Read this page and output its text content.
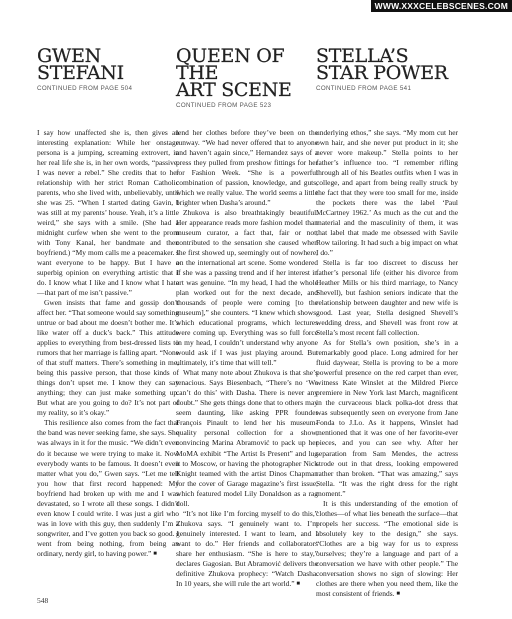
WWW.XXXCELEBSCENES.COM
GWEN
STEFANI
CONTINUED FROM PAGE 504
QUEEN OF THE
ART SCENE
CONTINUED FROM PAGE 523
STELLA’S
STAR POWER
CONTINUED FROM PAGE 541

I say how unaffected she is, then gives an interesting explanation: While her onstage persona is a jumping, screaming extrovert, in her real life she is, in her own words, “passive. I was never a rebel.” She credits that to her relationship with her strict Roman Catholic parents, who she lived with, unbelievably, until she was 25. “When I started dating Gavin, I was still at my parents’ house. Yeah, it’s a little weird,” she says with a smile. (She had a midnight curfew when she went to the prom with Tony Kanal, her bandmate and then boyfriend.) “My mom calls me a peacemaker. I want everyone to be happy. But I have a superbig opinion on everything artistic that I do. I know what I like and I know what I hate—that part of me isn’t passive.”

Gwen insists that fame and gossip don’t affect her. “That someone would say something untrue or bad about me doesn’t bother me. It’s like water off a duck’s back.” This attitude applies to everything from best-dressed lists to rumors that her marriage is falling apart. “None of that stuff matters. There’s something in me, being this passive person, that those kinds of things don’t upset me. I know they can say anything; they can just make something up. But what are you going to do? It’s not part of my reality, so it’s okay.”

This resilience also comes from the fact that the band was never seeking fame, she says. She was always in it for the music. “We didn’t even do it because we were trying to make it. Now everybody wants to be famous. It doesn’t even matter what you do,” Gwen says. “Let me tell you how that first record happened: My boyfriend had broken up with me and I was devastated, so I wrote all these songs. I didn’t even know I could write. I was just a girl who was in love with this guy, then suddenly I’m a songwriter, and I’ve gotten you back so good. I went from being nothing, from being an ordinary, nerdy girl, to having power.” ■

lend her clothes before they’ve been on the runway. “We had never offered that to anyone and haven’t again since,” Hernandez says of a press they pulled from preshow fittings for her for Fashion Week. “She is a powerful combination of passion, knowledge, and guts, which we really value. The world seems a little brighter when Dasha’s around.”

Zhukova is also breathtakingly beautiful. Her appearance reads more fashion model than museum curator, a fact that, fair or not, contributed to the sensation she caused when she first showed up, seemingly out of nowhere, on the international art scene. Some wondered if she was a passing trend and if her interest in art was genuine. “In my head, I had the whole plan worked out for the next decade, and thousands of people were coming [to the museum],” she counters. “I knew which shows, which educational programs, which lectures were coming up. Everything was so full force in my head, I couldn’t understand why anyone would ask if I was just playing around. But ultimately, it’s time that will tell.”

What many note about Zhukova is that she’s tenacious. Says Biesenbach, “There’s no ‘We can’t do this’ with Dasha. There is never any doubt.” She gets things done that to others may seem daunting, like asking PPR founder François Pinault to lend her his museum-quality personal collection for a show, convincing Marina Abramović to pack up her MoMA exhibit “The Artist Is Present” and lug it to Moscow, or having the photographer Nick Knight teamed with the artist Dinos Chapman for the cover of Garage magazine’s first issue, which featured model Lily Donaldson as a rag doll.

“It’s not like I’m forcing myself to do this,” Zhukova says. “I genuinely want to. I’m genuinely interested. I want to learn, and I want to do.” Her friends and collaborators share her enthusiasm. “She is here to stay,” declares Gagosian. But Abramović delivers the definitive Zhukova prophecy: “Watch Dasha. In 10 years, she will rule the art world.” ■

underlying ethos,” she says. “My mom cut her own hair, and she never put product in it; she never wore makeup.” Stella points to her father’s influence too. “I remember rifling through all of his Beatles outfits when I was in college, and apart from being really struck by the fact that they were too small for me, inside the pockets there was the label ‘Paul McCartney 1962.’ As much as the cut and the material and the masculinity of them, it was that label that made me obsessed with Savile Row tailoring. It had such a big impact on what I do.”

Stella is far too discreet to discuss her father’s personal life (either his divorce from Heather Mills or his third marriage, to Nancy Shevell), but fashion seniors indicate that the relationship between daughter and new wife is good. Last year, Stella designed Shevell’s wedding dress, and Shevell was front row at Stella’s most recent fall collection.

As for Stella’s own position, she’s in a remarkably good place. Long admired for her fluid daywear, Stella is proving to be a more powerful presence on the red carpet than ever, witness Kate Winslet at the Mildred Pierce premiere in New York last March, magnificent in the curvaceous black polka-dot dress that was subsequently seen on everyone from Jane Fonda to J.Lo. As it happens, Winslet had mentioned that it was one of her favorite-ever pieces, and you can see why. After her separation from Sam Mendes, the actress strode out in that dress, looking empowered rather than broken. “That was amazing,” says Stella. “It was the right dress for the right moment.”

It is this understanding of the emotion of clothes—of what lies beneath the surface—that propels her success. “The emotional side is absolutely key to the design,” she says. “Clothes are a big way for us to express ourselves; they’re a language and part of a conversation we have with other people.” The conversation shows no sign of slowing: Her clothes are there when you need them, like the most consistent of friends. ■

548
